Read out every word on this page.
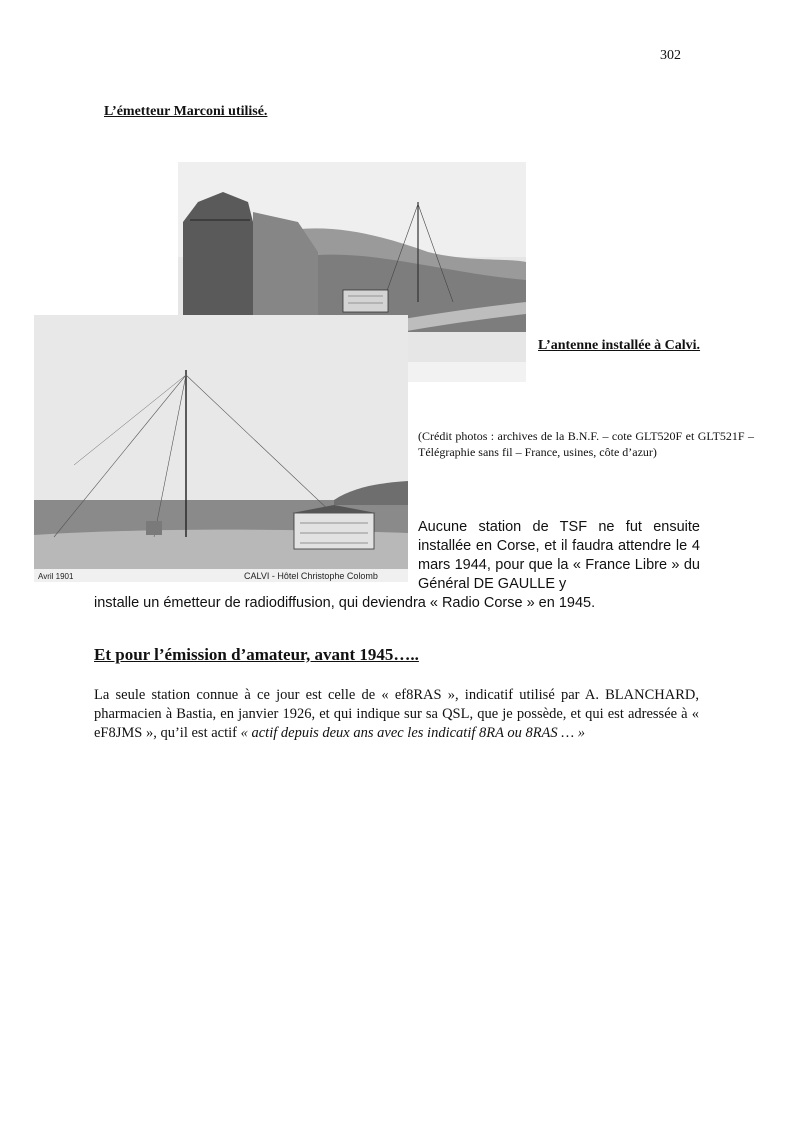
302
L’émetteur Marconi utilisé.
Avril 1901	CALVI - Hôtel Christophe Colomb
L’antenne installée à Calvi.
(Crédit photos : archives de la B.N.F. – cote GLT520F et GLT521F – Télégraphie sans fil – France, usines, côte d’azur)
Aucune station de TSF ne fut ensuite installée en Corse, et il faudra attendre le 4 mars 1944, pour que la « France Libre » du Général DE GAULLE y
installe un émetteur de radiodiffusion, qui deviendra « Radio Corse » en 1945.
Et pour l’émission d’amateur, avant 1945…..
La seule station connue à ce jour est celle de « ef8RAS », indicatif utilisé par A. BLANCHARD, pharmacien à Bastia, en janvier 1926, et qui indique sur sa QSL, que je possède, et qui est adressée à « eF8JMS », qu’il est actif « actif depuis deux ans avec les indicatif 8RA ou 8RAS … »
